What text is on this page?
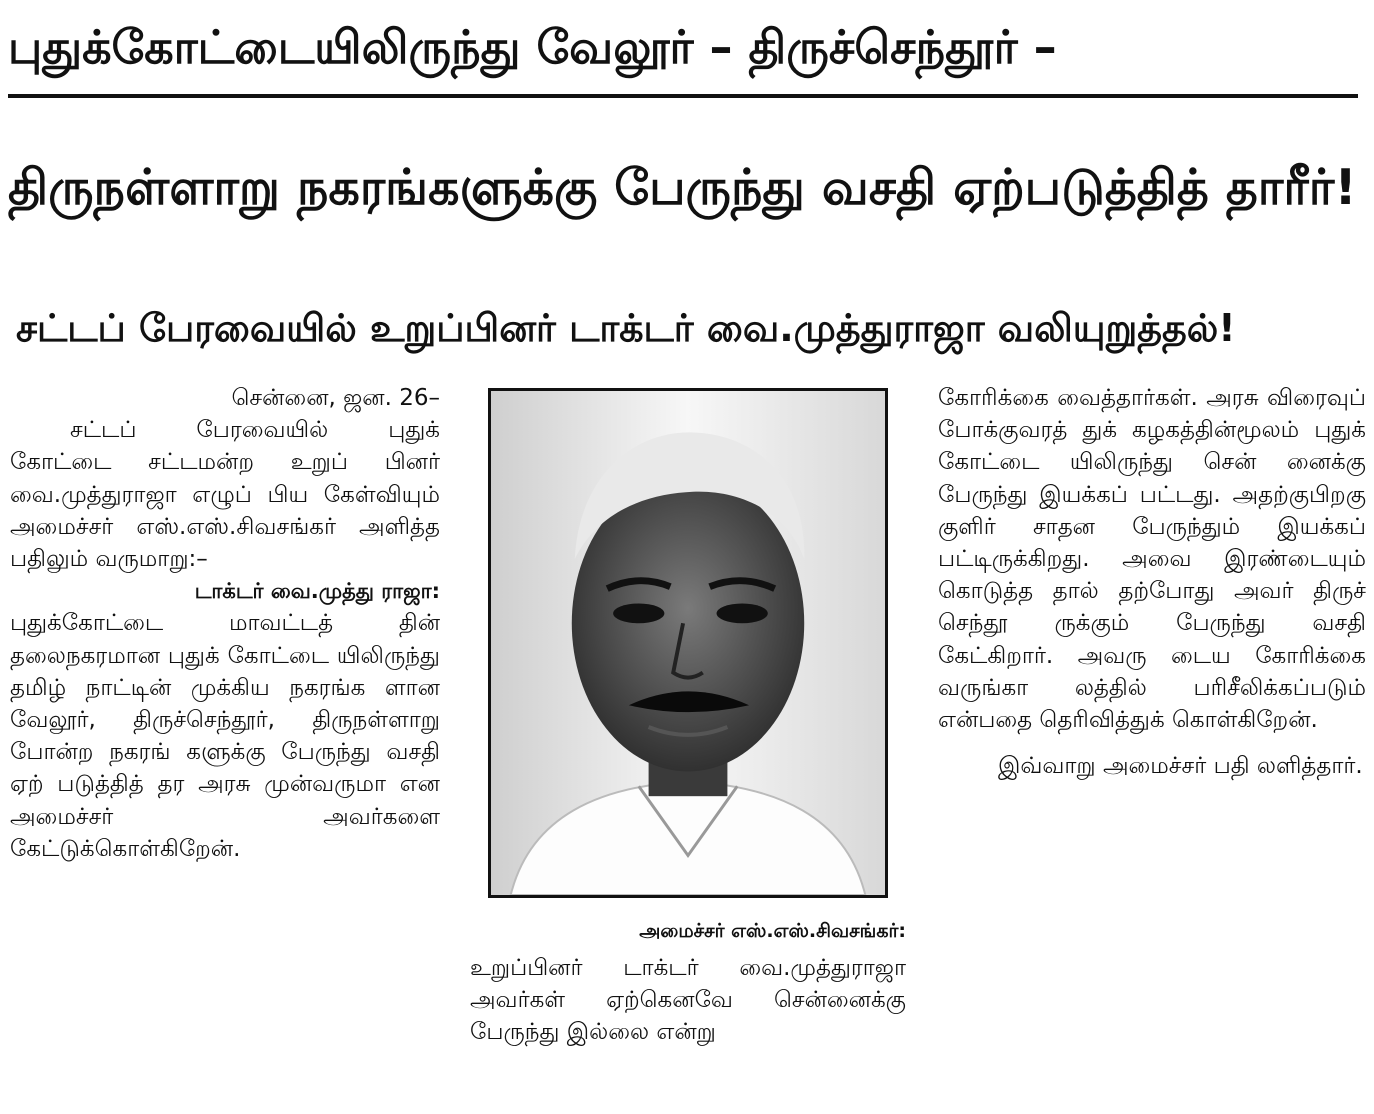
புதுக்கோட்டையிலிருந்து வேலூர் – திருச்செந்தூர் –
திருநள்ளாறு நகரங்களுக்கு பேருந்து வசதி ஏற்படுத்தித் தாரீர்!
சட்டப் பேரவையில் உறுப்பினர் டாக்டர் வை.முத்துராஜா வலியுறுத்தல்!

சென்னை, ஜன. 26–

சட்டப் பேரவையில் புதுக் கோட்டை சட்டமன்ற உறுப் பினர் வை.முத்துராஜா எழுப் பிய கேள்வியும் அமைச்சர் எஸ்.எஸ்.சிவசங்கர் அளித்த பதிலும் வருமாறு:–

டாக்டர் வை.முத்து ராஜா:

புதுக்கோட்டை மாவட்டத் தின் தலைநகரமான புதுக் கோட்டை யிலிருந்து தமிழ் நாட்டின் முக்கிய நகரங்க ளான வேலூர், திருச்செந்தூர், திருநள்ளாறு போன்ற நகரங் களுக்கு பேருந்து வசதி ஏற் படுத்தித் தர அரசு முன்வருமா என அமைச்சர் அவர்களை கேட்டுக்கொள்கிறேன்.

அமைச்சர் எஸ்.எஸ்.சிவசங்கர்:

உறுப்பினர் டாக்டர் வை.முத்துராஜா அவர்கள் ஏற்கெனவே சென்னைக்கு பேருந்து இல்லை என்று

கோரிக்கை வைத்தார்கள். அரசு விரைவுப் போக்குவரத் துக் கழகத்தின்மூலம் புதுக் கோட்டை யிலிருந்து சென் னைக்கு பேருந்து இயக்கப் பட்டது. அதற்குபிறகு குளிர் சாதன பேருந்தும் இயக்கப் பட்டிருக்கிறது. அவை இரண்டையும் கொடுத்த தால் தற்போது அவர் திருச் செந்தூ ருக்கும் பேருந்து வசதி கேட்கிறார். அவரு டைய கோரிக்கை வருங்கா லத்தில் பரிசீலிக்கப்படும் என்பதை தெரிவித்துக் கொள்கிறேன்.

இவ்வாறு அமைச்சர் பதி லளித்தார்.
